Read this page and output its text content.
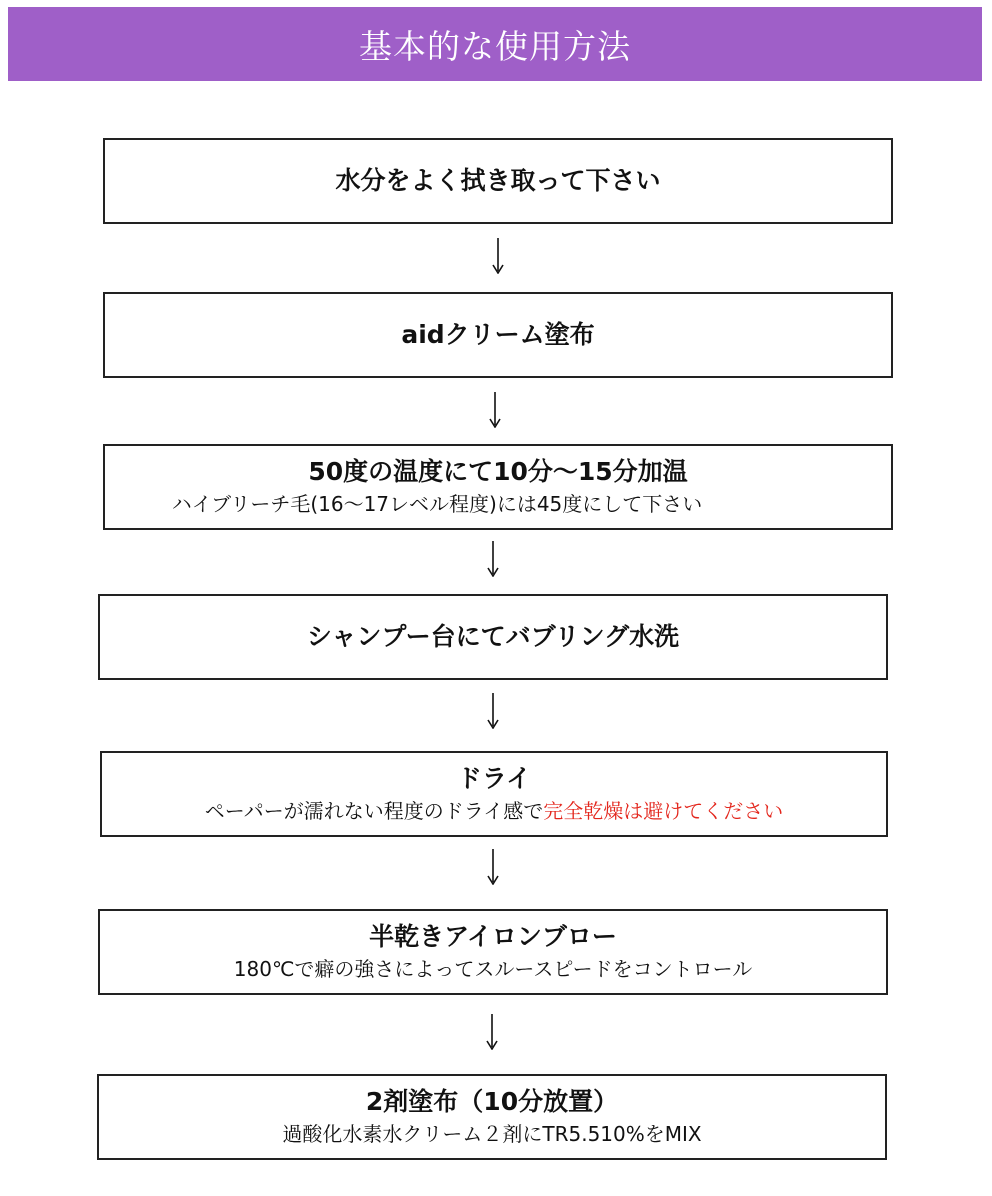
基本的な使用方法
水分をよく拭き取って下さい
aidクリーム塗布
50度の温度にて10分〜15分加温
ハイブリーチ毛(16〜17レベル程度)には45度にして下さい
シャンプー台にてバブリング水洗
ドライ
ペーパーが濡れない程度のドライ感で完全乾燥は避けてください
半乾きアイロンブロー
180℃で癖の強さによってスルースピードをコントロール
2剤塗布（10分放置）
過酸化水素水クリーム２剤にTR5.510%をMIX
